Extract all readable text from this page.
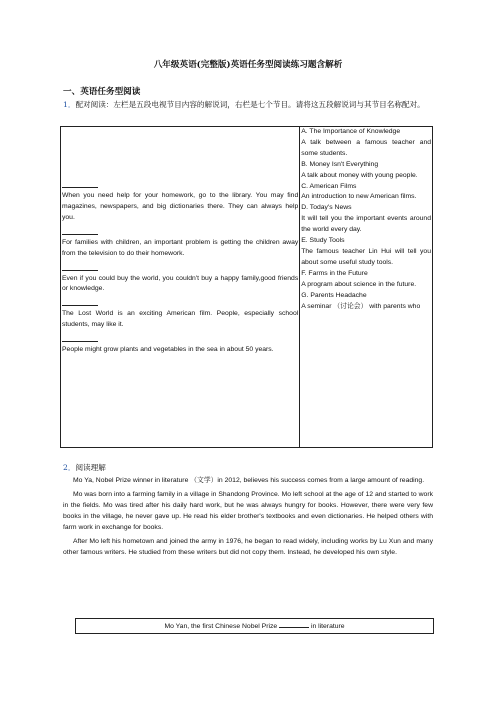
八年级英语(完整版)英语任务型阅读练习题含解析
一、英语任务型阅读
1．配对阅读：左栏是五段电视节目内容的解说词，右栏是七个节目。请将这五段解说词与其节目名称配对。
When you need help for your homework, go to the library. You may find magazines, newspapers, and big dictionaries there. They can always help you.
For families with children, an important problem is getting the children away from the television to do their homework.
Even if you could buy the world, you couldn't buy a happy family,good friends or knowledge.
The Lost World is an exciting American film. People, especially school students, may like it.
People might grow plants and vegetables in the sea in about 50 years.

A. The Importance of Knowledge
A talk between a famous teacher and some students.
B. Money Isn't Everything
A talk about money with young people.
C. American Films
An introduction to new American films.
D. Today's News
It will tell you the important events around the world every day.
E. Study Tools
The famous teacher Lin Hui will tell you about some useful study tools.
F. Farms in the Future
A program about science in the future.
G. Parents Headache
A seminar （讨论会） with parents who
2．阅读理解

Mo Ya, Nobel Prize winner in literature （文学）in 2012, believes his success comes from a large amount of reading.

Mo was born into a farming family in a village in Shandong Province. Mo left school at the age of 12 and started to work in the fields. Mo was tired after his daily hard work, but he was always hungry for books. However, there were very few books in the village, he never gave up. He read his elder brother's textbooks and even dictionaries. He helped others with farm work in exchange for books.

After Mo left his hometown and joined the army in 1976, he began to read widely, including works by Lu Xun and many other famous writers. He studied from these writers but did not copy them. Instead, he developed his own style.

Mo Yan, the first Chinese Nobel Prize	in literature
